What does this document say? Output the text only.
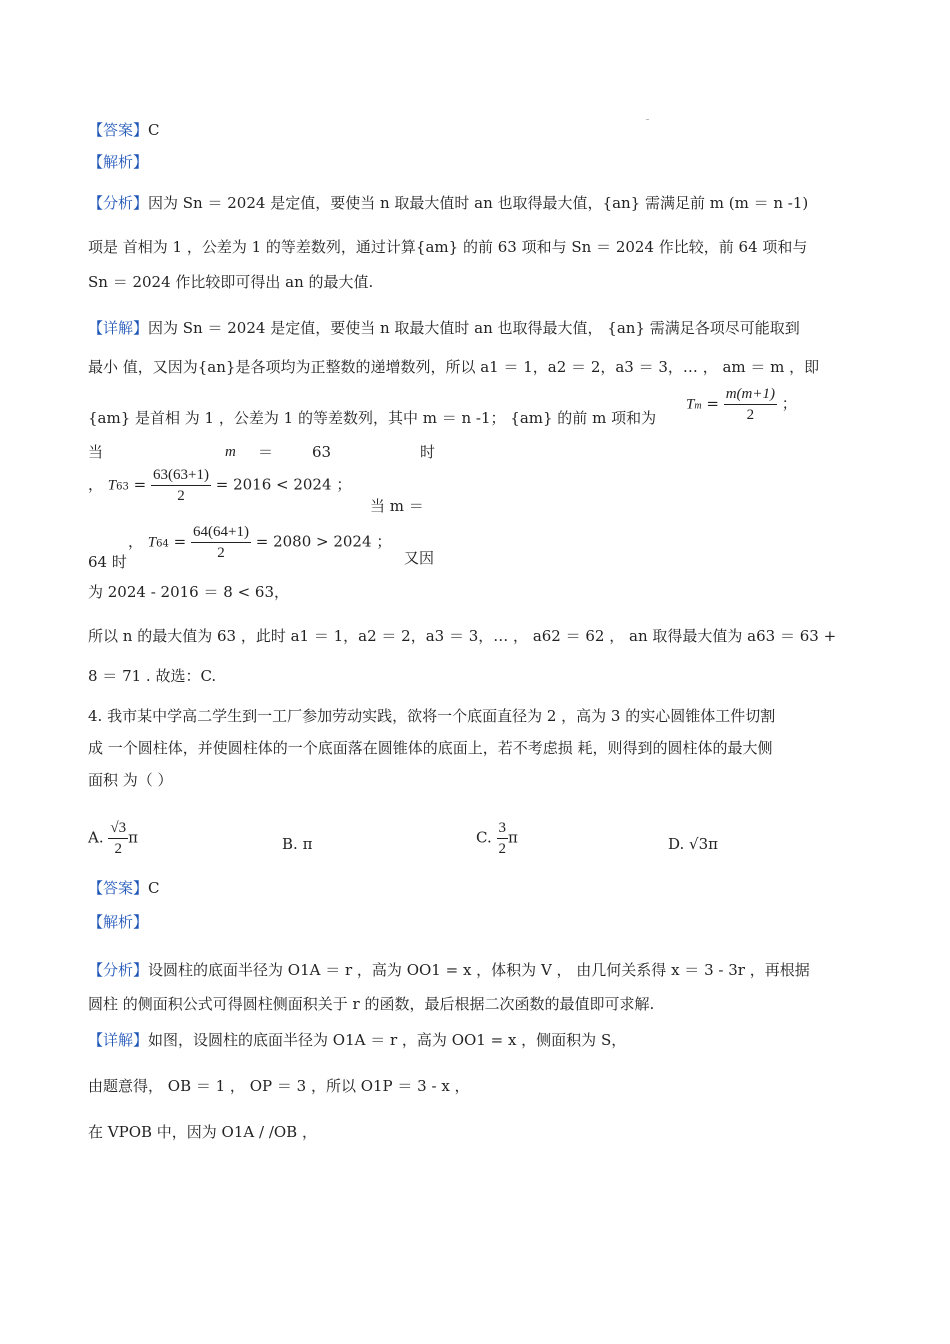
【答案】C
【解析】
【分析】因为 Sn ＝ 2024 是定值，要使当 n 取最大值时 an 也取得最大值，{an} 需满足前 m (m ＝ n -1)
项是 首相为 1 ，公差为 1 的等差数列，通过计算{am} 的前 63 项和与 Sn ＝ 2024 作比较，前 64 项和与
Sn ＝ 2024 作比较即可得出 an 的最大值.
【详解】因为 Sn ＝ 2024 是定值，要使当 n 取最大值时 an 也取得最大值， {an} 需满足各项尽可能取到
最小 值，又因为{an}是各项均为正整数的递增数列，所以 a1 ＝ 1，a2 ＝ 2，a3 ＝ 3，… ， am ＝ m ，即
{am} 是首相 为 1 ，公差为 1 的等差数列，其中 m ＝ n -1； {am} 的前 m 项和为
$Tm = \frac{m(m+1)}{2}$ ；
当	m ＝	63	时
， $T63 = \frac{63(63+1)}{2} = 2016 < 2024$ ；
当 m ＝
64 时
， $T64 = \frac{64(64+1)}{2} = 2080 > 2024$ ；
又因
为 2024 - 2016 ＝ 8 < 63，
所以 n 的最大值为 63 ，此时 a1 ＝ 1，a2 ＝ 2，a3 ＝ 3，… ， a62 ＝ 62 ， an 取得最大值为 a63 ＝ 63 +
8 ＝ 71 . 故选：C.
4. 我市某中学高二学生到一工厂参加劳动实践，欲将一个底面直径为 2 ，高为 3 的实心圆锥体工件切割
成 一个圆柱体，并使圆柱体的一个底面落在圆锥体的底面上，若不考虑损 耗，则得到的圆柱体的最大侧
面积 为（ ）
A. $\frac{√3}{2}$ π	B. π	C. $\frac{3}{2}$ π	D. √3π
【答案】C
【解析】
【分析】设圆柱的底面半径为 O1A ＝ r ，高为 OO1 = x ，体积为 V ， 由几何关系得 x ＝ 3 - 3r ，再根据
圆柱 的侧面积公式可得圆柱侧面积关于 r 的函数，最后根据二次函数的最值即可求解.
【详解】如图，设圆柱的底面半径为 O1A ＝ r ，高为 OO1 = x ，侧面积为 S，
由题意得， OB ＝ 1 ， OP ＝ 3 ，所以 O1P ＝ 3 - x ，
在 VPOB 中，因为 O1A / /OB ，
